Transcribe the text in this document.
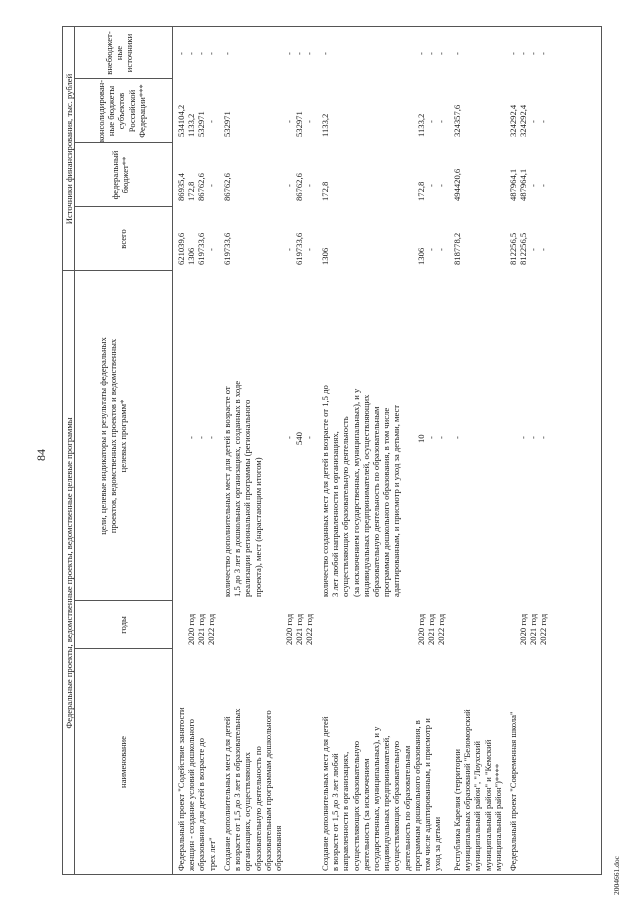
84
2004661.doc
Федеральные проекты, ведомственные проекты, ведомственные целевые программы
Источники финансирования, тыс. рублей
наименование
годы
цели, целевые индикаторы и результаты федеральных проектов, ведомственных проектов и ведомственных целевых программ*
всего
федеральный бюджет**
консолидирован- ные бюджеты субъектов Российской Федерации***
внебюджет- ные источники
Федеральный проект "Содействие занятости женщин - создание условий дошкольного образования для детей в возрасте до трех лет"
621039,6
86935,4
534104,2
-
2020 год
-
1306
172,8
1133,2
-
2021 год
-
619733,6
86762,6
532971
-
2022 год
-
-
-
-
-
Создание дополнительных мест для детей в возрасте от 1,5 до 3 лет в образовательных организациях, осуществляющих образовательную деятельность по образовательным программам дошкольного образования
количество дополнительных мест для детей в возрасте от 1,5 до 3 лет в дошкольных организациях, созданных в ходе реализации региональной программы (регионального проекта), мест (нарастающим итогом)
619733,6
86762,6
532971
-
2020 год
-
-
-
-
-
2021 год
540
619733,6
86762,6
532971
-
2022 год
-
-
-
-
-
Создание дополнительных мест для детей в возрасте от 1,5 до 3 лет любой направленности в организациях, осуществляющих образовательную деятельность (за исключением государственных, муниципальных), и у индивидуальных предпринимателей, осуществляющих образовательную деятельность по образовательным программам дошкольного образования, в том числе адаптированным, и присмотр и уход за детьми
количество созданных мест для детей в возрасте от 1,5 до 3 лет любой направленности в организациях, осуществляющих образовательную деятельность (за исключением государственных, муниципальных), и у индивидуальных предпринимателей, осуществляющих образовательную деятельность по образовательным программам дошкольного образования, в том числе адаптированным, и присмотр и уход за детьми, мест
1306
172,8
1133,2
-
2020 год
10
1306
172,8
1133,2
-
2021 год
-
-
-
-
-
2022 год
-
-
-
-
-
Республика Карелия (территории муниципальных образований "Беломорский муниципальный район", "Лоухский муниципальный район" и "Кемский муниципальный район")****
-
818778,2
494420,6
324357,6
-
Федеральный проект "Современная школа"
812256,5
487964,1
324292,4
-
2020 год
-
812256,5
487964,1
324292,4
-
2021 год
-
-
-
-
-
2022 год
-
-
-
-
-
